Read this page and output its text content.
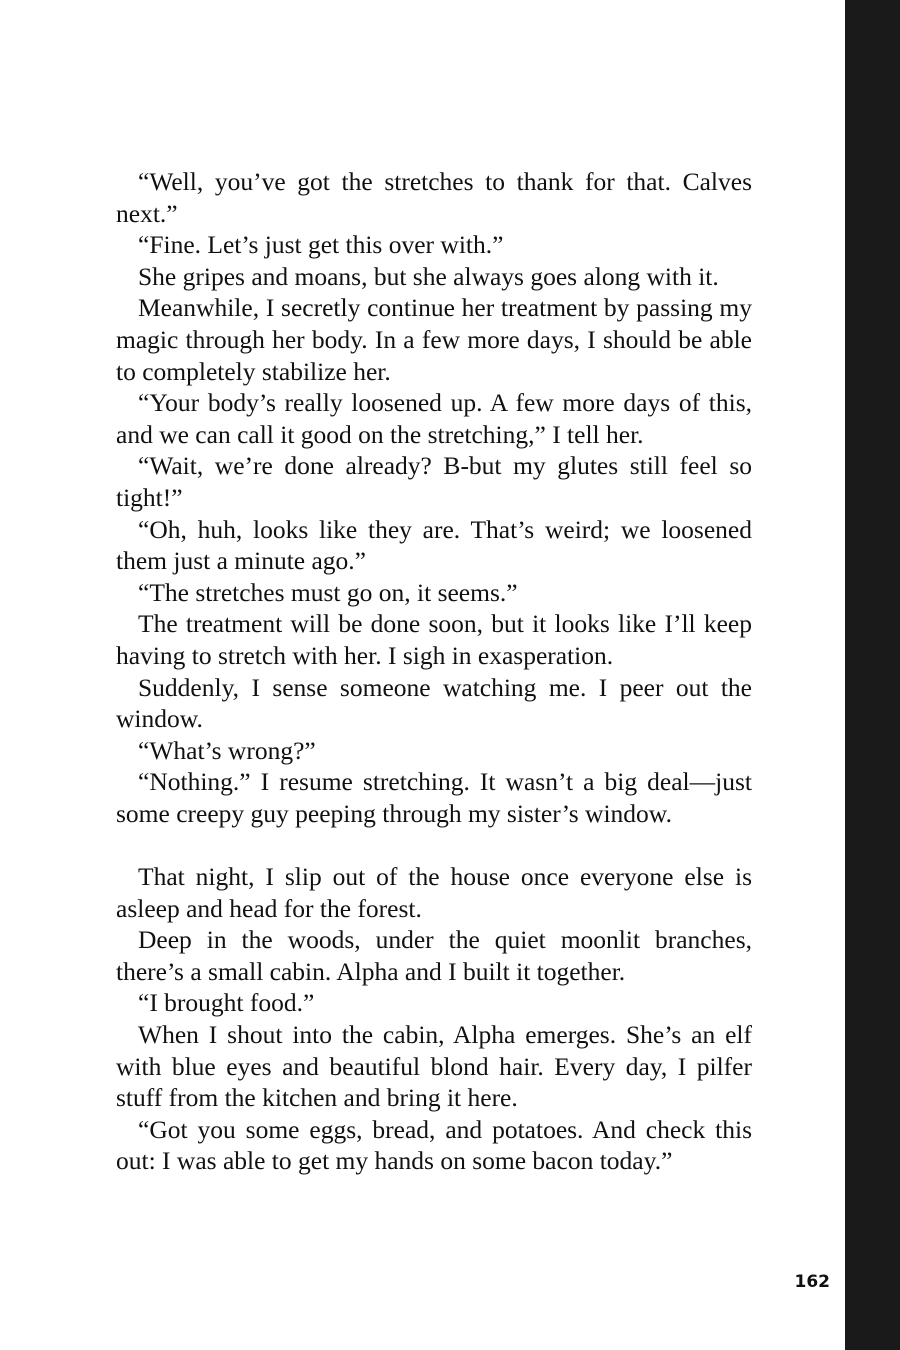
“Well, you’ve got the stretches to thank for that. Calves next.”

“Fine. Let’s just get this over with.”

She gripes and moans, but she always goes along with it.

Meanwhile, I secretly continue her treatment by passing my magic through her body. In a few more days, I should be able to completely stabilize her.

“Your body’s really loosened up. A few more days of this, and we can call it good on the stretching,” I tell her.

“Wait, we’re done already? B-but my glutes still feel so tight!”

“Oh, huh, looks like they are. That’s weird; we loosened them just a minute ago.”

“The stretches must go on, it seems.”

The treatment will be done soon, but it looks like I’ll keep having to stretch with her. I sigh in exasperation.

Suddenly, I sense someone watching me. I peer out the window.

“What’s wrong?”

“Nothing.” I resume stretching. It wasn’t a big deal—just some creepy guy peeping through my sister’s window.

That night, I slip out of the house once everyone else is asleep and head for the forest.

Deep in the woods, under the quiet moonlit branches, there’s a small cabin. Alpha and I built it together.

“I brought food.”

When I shout into the cabin, Alpha emerges. She’s an elf with blue eyes and beautiful blond hair. Every day, I pilfer stuff from the kitchen and bring it here.

“Got you some eggs, bread, and potatoes. And check this out: I was able to get my hands on some bacon today.”

162
